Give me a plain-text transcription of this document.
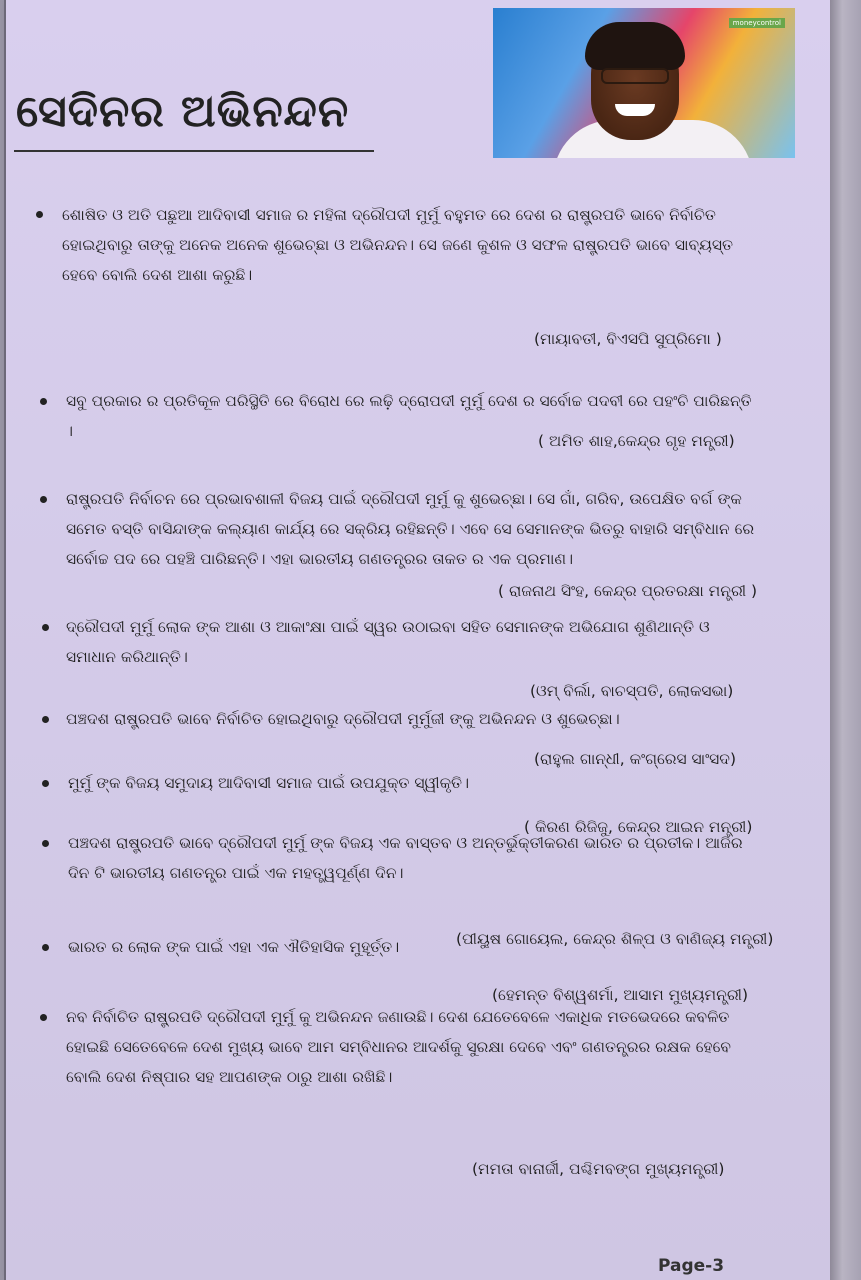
ସେଦିନର ଅଭିନନ୍ଦନ
moneycontrol
ଶୋଷିତ ଓ ଅତି ପଛୁଆ ଆଦିବାସୀ ସମାଜ ର ମହିଳା ଦ୍ରୌପଦୀ ମୁର୍ମୁ ବହୁମତ ରେ ଦେଶ ର ରାଷ୍ଟ୍ରପତି ଭାବେ ନିର୍ବାଚିତ ହୋଇଥିବାରୁ ତାଙ୍କୁ ଅନେକ ଅନେକ ଶୁଭେଚ୍ଛା ଓ ଅଭିନନ୍ଦନ। ସେ ଜଣେ କୁଶଳ ଓ ସଫଳ ରାଷ୍ଟ୍ରପତି ଭାବେ ସାବ୍ୟସ୍ତ ହେବେ ବୋଲି ଦେଶ ଆଶା କରୁଛି।
(ମାୟାବତୀ, ବିଏସପି ସୁପ୍ରିମୋ )
ସବୁ ପ୍ରକାର ର ପ୍ରତିକୂଳ ପରିସ୍ଥିତି ରେ ବିରୋଧ ରେ ଲଢ଼ି ଦ୍ରୋପଦୀ ମୁର୍ମୁ ଦେଶ ର ସର୍ବୋଚ୍ଚ ପଦବୀ ରେ ପହଂଚି ପାରିଛନ୍ତି ।
( ଅମିତ ଶାହ,କେନ୍ଦ୍ର ଗୃହ ମନ୍ତ୍ରୀ)
ରାଷ୍ଟ୍ରପତି ନିର୍ବାଚନ ରେ ପ୍ରଭାବଶାଳୀ ବିଜୟ ପାଇଁ ଦ୍ରୌପଦୀ ମୁର୍ମୁ କୁ ଶୁଭେଚ୍ଛା। ସେ ଗାଁ, ଗରିବ, ଉପେକ୍ଷିତ ବର୍ଗ ଙ୍କ ସମେତ ବସ୍ତି ବାସିନ୍ଦାଙ୍କ କଲ୍ୟାଣ କାର୍ଯ୍ୟ ରେ ସକ୍ରିୟ ରହିଛନ୍ତି। ଏବେ ସେ ସେମାନଙ୍କ ଭିତରୁ ବାହାରି ସମ୍ବିଧାନ ରେ ସର୍ବୋଚ୍ଚ ପଦ ରେ ପହଞ୍ଚି ପାରିଛନ୍ତି। ଏହା ଭାରତୀୟ ଗଣତନ୍ତ୍ରର ତାକତ ର ଏକ ପ୍ରମାଣ।
( ରାଜନାଥ ସିଂହ, କେନ୍ଦ୍ର ପ୍ରତରକ୍ଷା ମନ୍ତ୍ରୀ )
ଦ୍ରୌପଦୀ ମୁର୍ମୁ ଲୋକ ଙ୍କ ଆଶା ଓ ଆକାଂକ୍ଷା ପାଇଁ ସ୍ୱର ଉଠାଇବା ସହିତ ସେମାନଙ୍କ ଅଭିଯୋଗ ଶୁଣିଥାନ୍ତି ଓ ସମାଧାନ କରିଥାନ୍ତି।
(ଓମ୍ ବିର୍ଲା, ବାଚସ୍ପତି, ଲୋକସଭା)
ପଞ୍ଚଦଶ ରାଷ୍ଟ୍ରପତି ଭାବେ ନିର୍ବାଚିତ ହୋଇଥିବାରୁ ଦ୍ରୌପଦୀ ମୁର୍ମୁଜୀ ଙ୍କୁ ଅଭିନନ୍ଦନ ଓ ଶୁଭେଚ୍ଛା।
(ରାହୁଲ ଗାନ୍ଧୀ, କଂଗ୍ରେସ ସାଂସଦ)
ମୁର୍ମୁ ଙ୍କ ବିଜୟ ସମୁଦାୟ ଆଦିବାସୀ ସମାଜ ପାଇଁ ଉପଯୁକ୍ତ ସ୍ୱୀକୃତି।
( କିରଣ ରିଜିଜୁ, କେନ୍ଦ୍ର ଆଇନ ମନ୍ତ୍ରୀ)
ପଞ୍ଚଦଶ ରାଷ୍ଟ୍ରପତି ଭାବେ ଦ୍ରୌପଦୀ ମୁର୍ମୁ ଙ୍କ ବିଜୟ ଏକ ବାସ୍ତବ ଓ ଅନ୍ତର୍ଭୁକ୍ତୀକରଣ ଭାରତ ର ପ୍ରତୀକ। ଆଜିର ଦିନ ଟି ଭାରତୀୟ ଗଣତନ୍ତ୍ର ପାଇଁ ଏକ ମହତ୍ତ୍ୱପୂର୍ଣ୍ଣ ଦିନ।
(ପୀୟୁଷ ଗୋୟେଲ, କେନ୍ଦ୍ର ଶିଳ୍ପ ଓ ବାଣିଜ୍ୟ ମନ୍ତ୍ରୀ)
ଭାରତ ର ଲୋକ ଙ୍କ ପାଇଁ ଏହା ଏକ ଐତିହାସିକ ମୁହୂର୍ତ୍ତ।
(ହେମନ୍ତ ବିଶ୍ୱଶର୍ମା, ଆସାମ ମୁଖ୍ୟମନ୍ତ୍ରୀ)
ନବ ନିର୍ବାଚିତ ରାଷ୍ଟ୍ରପତି ଦ୍ରୌପଦୀ ମୁର୍ମୁ କୁ ଅଭିନନ୍ଦନ ଜଣାଉଛି। ଦେଶ ଯେତେବେଳେ ଏକାଧିକ ମତଭେଦରେ କବଳିତ ହୋଇଛି ସେତେବେଳେ ଦେଶ ମୁଖ୍ୟ ଭାବେ ଆମ ସମ୍ବିଧାନର ଆଦର୍ଶକୁ ସୁରକ୍ଷା ଦେବେ ଏବଂ ଗଣତନ୍ତ୍ରର ରକ୍ଷକ ହେବେ ବୋଲି ଦେଶ ନିଷ୍ପାର ସହ ଆପଣଙ୍କ ଠାରୁ ଆଶା ରଖିଛି।
(ମମତା ବାନାର୍ଜୀ, ପଶ୍ଚିମବଙ୍ଗ ମୁଖ୍ୟମନ୍ତ୍ରୀ)
Page-3
